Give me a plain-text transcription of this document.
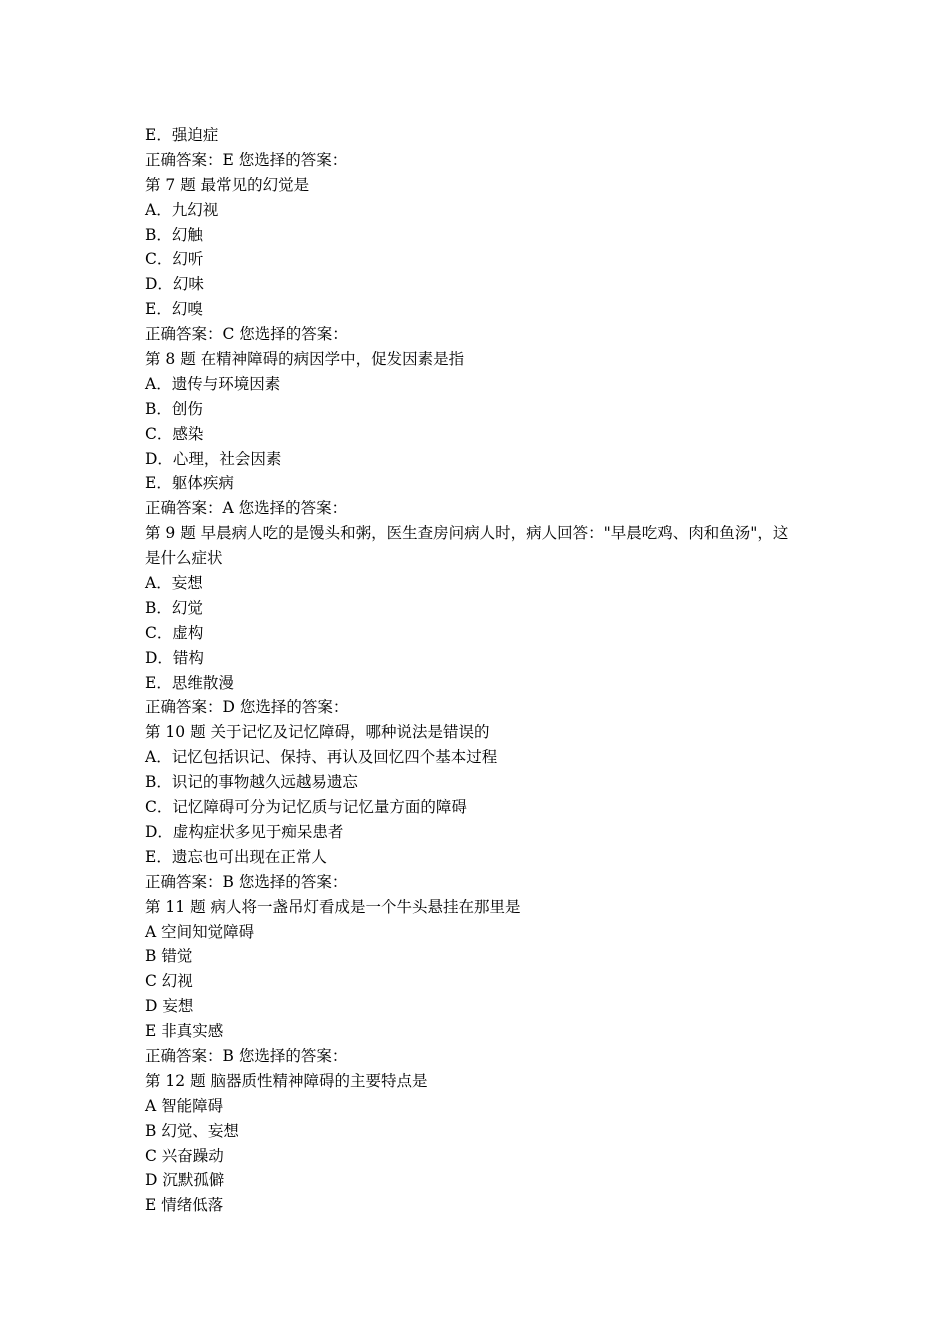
E．强迫症
正确答案：E 您选择的答案：
第 7 题 最常见的幻觉是
A．九幻视
B．幻触
C．幻听
D．幻味
E．幻嗅
正确答案：C 您选择的答案：
第 8 题 在精神障碍的病因学中，促发因素是指
A．遗传与环境因素
B．创伤
C．感染
D．心理，社会因素
E．躯体疾病
正确答案：A 您选择的答案：
第 9 题 早晨病人吃的是馒头和粥，医生查房问病人时，病人回答："早晨吃鸡、肉和鱼汤"，这
是什么症状
A．妄想
B．幻觉
C．虚构
D．错构
E．思维散漫
正确答案：D 您选择的答案：
第 10 题 关于记忆及记忆障碍，哪种说法是错误的
A．记忆包括识记、保持、再认及回忆四个基本过程
B．识记的事物越久远越易遗忘
C．记忆障碍可分为记忆质与记忆量方面的障碍
D．虚构症状多见于痴呆患者
E．遗忘也可出现在正常人
正确答案：B 您选择的答案：
第 11 题 病人将一盏吊灯看成是一个牛头悬挂在那里是
A 空间知觉障碍
B 错觉
C 幻视
D 妄想
E 非真实感
正确答案：B 您选择的答案：
第 12 题 脑器质性精神障碍的主要特点是
A 智能障碍
B 幻觉、妄想
C 兴奋躁动
D 沉默孤僻
E 情绪低落
